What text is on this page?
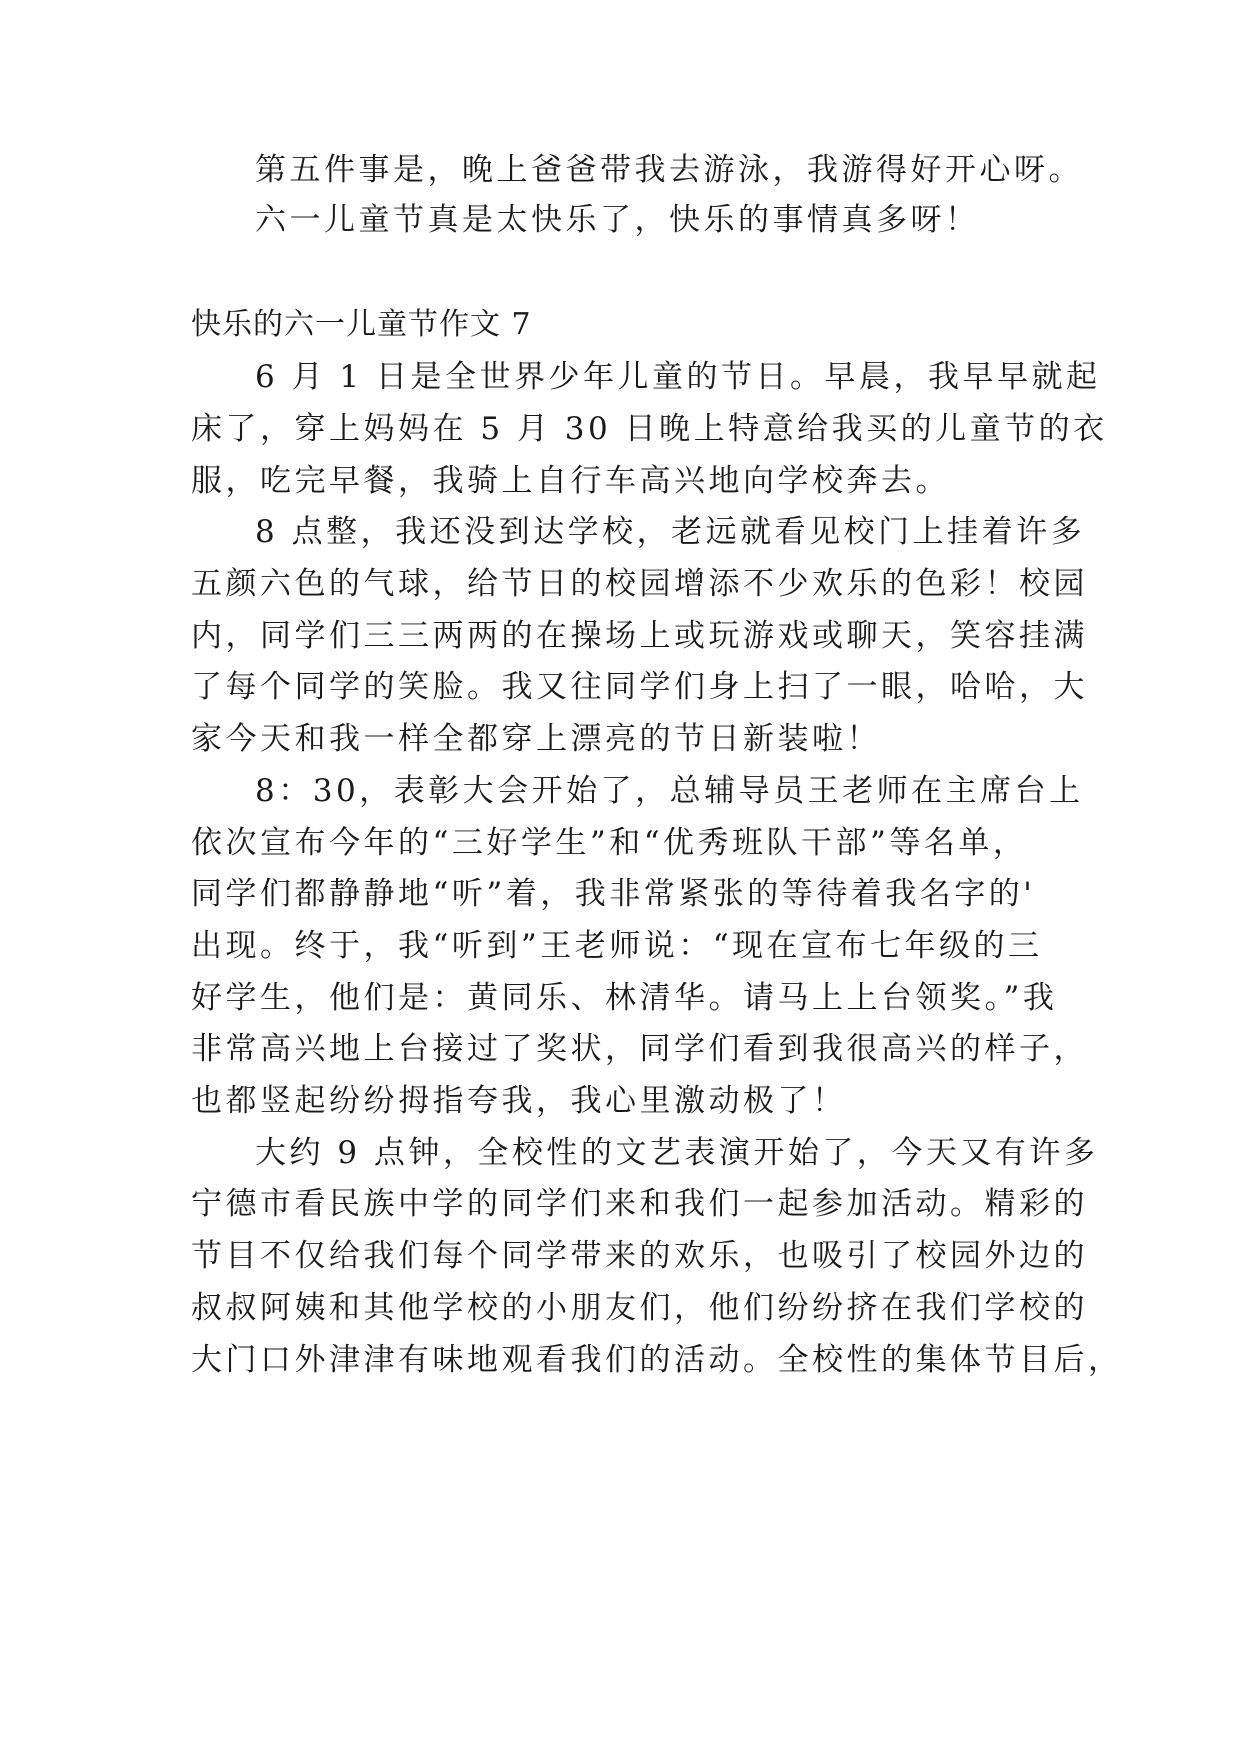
第五件事是，晚上爸爸带我去游泳，我游得好开心呀。
六一儿童节真是太快乐了，快乐的事情真多呀！
快乐的六一儿童节作文 7
6 月 1 日是全世界少年儿童的节日。早晨，我早早就起
床了，穿上妈妈在 5 月 30 日晚上特意给我买的儿童节的衣
服，吃完早餐，我骑上自行车高兴地向学校奔去。
8 点整，我还没到达学校，老远就看见校门上挂着许多
五颜六色的气球，给节日的校园增添不少欢乐的色彩！校园
内，同学们三三两两的在操场上或玩游戏或聊天，笑容挂满
了每个同学的笑脸。我又往同学们身上扫了一眼，哈哈，大
家今天和我一样全都穿上漂亮的节日新装啦！
8：30，表彰大会开始了，总辅导员王老师在主席台上
依次宣布今年的“三好学生”和“优秀班队干部”等名单，
同学们都静静地“听”着，我非常紧张的等待着我名字的'
出现。终于，我“听到”王老师说：“现在宣布七年级的三
好学生，他们是：黄同乐、林清华。请马上上台领奖。”我
非常高兴地上台接过了奖状，同学们看到我很高兴的样子，
也都竖起纷纷拇指夸我，我心里激动极了！
大约 9 点钟，全校性的文艺表演开始了，今天又有许多
宁德市看民族中学的同学们来和我们一起参加活动。精彩的
节目不仅给我们每个同学带来的欢乐，也吸引了校园外边的
叔叔阿姨和其他学校的小朋友们，他们纷纷挤在我们学校的
大门口外津津有味地观看我们的活动。全校性的集体节目后，
